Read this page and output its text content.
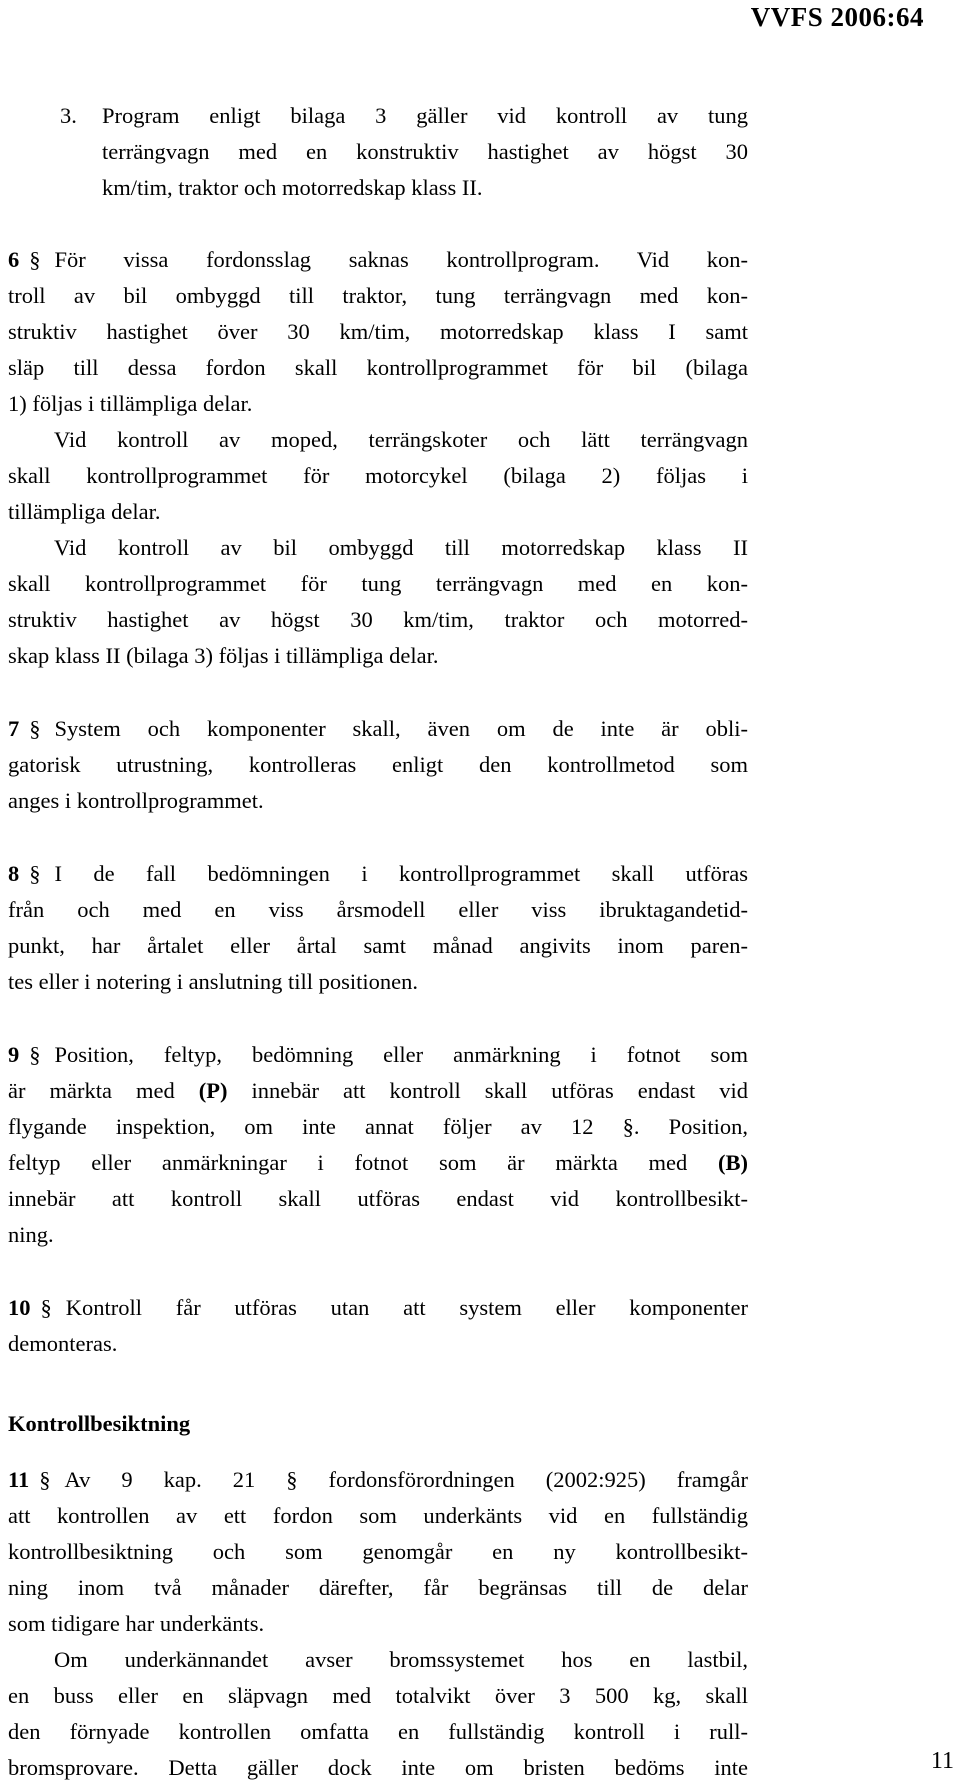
VVFS 2006:64
3. Program enligt bilaga 3 gäller vid kontroll av tung

terrängvagn med en konstruktiv hastighet av högst 30

km/tim, traktor och motorredskap klass II.

6 § För vissa fordonsslag saknas kontrollprogram. Vid kon-

troll av bil ombyggd till traktor, tung terrängvagn med kon-

struktiv hastighet över 30 km/tim, motorredskap klass I samt

släp till dessa fordon skall kontrollprogrammet för bil (bilaga

1) följas i tillämpliga delar.

Vid kontroll av moped, terrängskoter och lätt terrängvagn

skall kontrollprogrammet för motorcykel (bilaga 2) följas i

tillämpliga delar.

Vid kontroll av bil ombyggd till motorredskap klass II

skall kontrollprogrammet för tung terrängvagn med en kon-

struktiv hastighet av högst 30 km/tim, traktor och motorred-

skap klass II (bilaga 3) följas i tillämpliga delar.

7 § System och komponenter skall, även om de inte är obli-

gatorisk utrustning, kontrolleras enligt den kontrollmetod som

anges i kontrollprogrammet.

8 § I de fall bedömningen i kontrollprogrammet skall utföras

från och med en viss årsmodell eller viss ibruktagandetid-

punkt, har årtalet eller årtal samt månad angivits inom paren-

tes eller i notering i anslutning till positionen.

9 § Position, feltyp, bedömning eller anmärkning i fotnot som

är märkta med (P) innebär att kontroll skall utföras endast vid

flygande inspektion, om inte annat följer av 12 §. Position,

feltyp eller anmärkningar i fotnot som är märkta med (B)

innebär att kontroll skall utföras endast vid kontrollbesikt-

ning.

10 § Kontroll får utföras utan att system eller komponenter

demonteras.

Kontrollbesiktning

11 § Av 9 kap. 21 § fordonsförordningen (2002:925) framgår

att kontrollen av ett fordon som underkänts vid en fullständig

kontrollbesiktning och som genomgår en ny kontrollbesikt-

ning inom två månader därefter, får begränsas till de delar

som tidigare har underkänts.

Om underkännandet avser bromssystemet hos en lastbil,

en buss eller en släpvagn med totalvikt över 3 500 kg, skall

den förnyade kontrollen omfatta en fullständig kontroll i rull-

bromsprovare. Detta gäller dock inte om bristen bedöms inte	11
